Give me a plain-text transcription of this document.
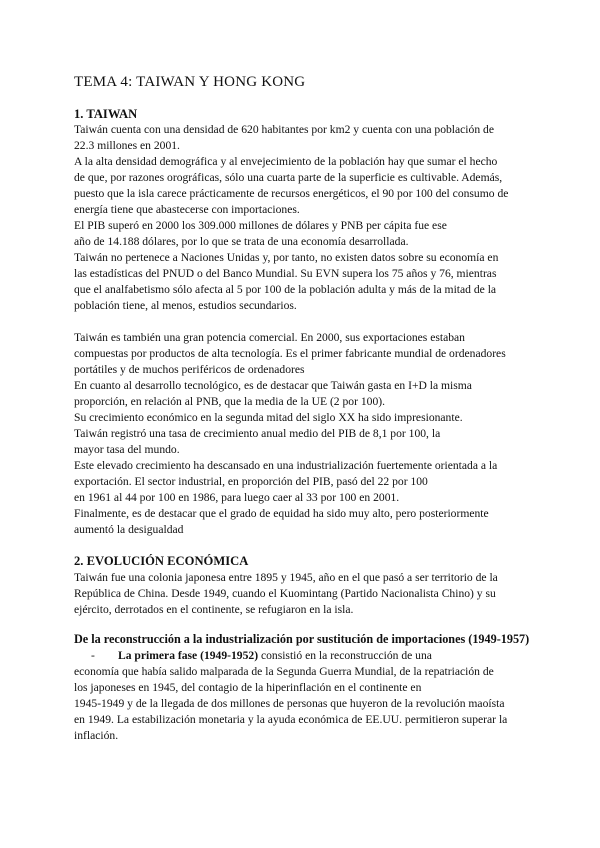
TEMA 4: TAIWAN Y HONG KONG
1. TAIWAN

Taiwán cuenta con una densidad de 620 habitantes por km2 y cuenta con una población de

22.3 millones en 2001.

A la alta densidad demográfica y al envejecimiento de la población hay que sumar el hecho

de que, por razones orográficas, sólo una cuarta parte de la superficie es cultivable. Además,

puesto que la isla carece prácticamente de recursos energéticos, el 90 por 100 del consumo de

energía tiene que abastecerse con importaciones.

El PIB superó en 2000 los 309.000 millones de dólares y PNB per cápita fue ese

año de 14.188 dólares, por lo que se trata de una economía desarrollada.

Taiwán no pertenece a Naciones Unidas y, por tanto, no existen datos sobre su economía en

las estadísticas del PNUD o del Banco Mundial. Su EVN supera los 75 años y 76, mientras

que el analfabetismo sólo afecta al 5 por 100 de la población adulta y más de la mitad de la

población tiene, al menos, estudios secundarios.

Taiwán es también una gran potencia comercial. En 2000, sus exportaciones estaban

compuestas por productos de alta tecnología. Es el primer fabricante mundial de ordenadores

portátiles y de muchos periféricos de ordenadores

En cuanto al desarrollo tecnológico, es de destacar que Taiwán gasta en I+D la misma

proporción, en relación al PNB, que la media de la UE (2 por 100).

Su crecimiento económico en la segunda mitad del siglo XX ha sido impresionante.

Taiwán registró una tasa de crecimiento anual medio del PIB de 8,1 por 100, la

mayor tasa del mundo.

Este elevado crecimiento ha descansado en una industrialización fuertemente orientada a la

exportación. El sector industrial, en proporción del PIB, pasó del 22 por 100

en 1961 al 44 por 100 en 1986, para luego caer al 33 por 100 en 2001.

Finalmente, es de destacar que el grado de equidad ha sido muy alto, pero posteriormente

aumentó la desigualdad

2. EVOLUCIÓN ECONÓMICA

Taiwán fue una colonia japonesa entre 1895 y 1945, año en el que pasó a ser territorio de la

República de China. Desde 1949, cuando el Kuomintang (Partido Nacionalista Chino) y su

ejército, derrotados en el continente, se refugiaron en la isla.

De la reconstrucción a la industrialización por sustitución de importaciones (1949-1957)

- La primera fase (1949-1952) consistió en la reconstrucción de una

economía que había salido malparada de la Segunda Guerra Mundial, de la repatriación de

los japoneses en 1945, del contagio de la hiperinflación en el continente en

1945-1949 y de la llegada de dos millones de personas que huyeron de la revolución maoísta

en 1949. La estabilización monetaria y la ayuda económica de EE.UU. permitieron superar la

inflación.
